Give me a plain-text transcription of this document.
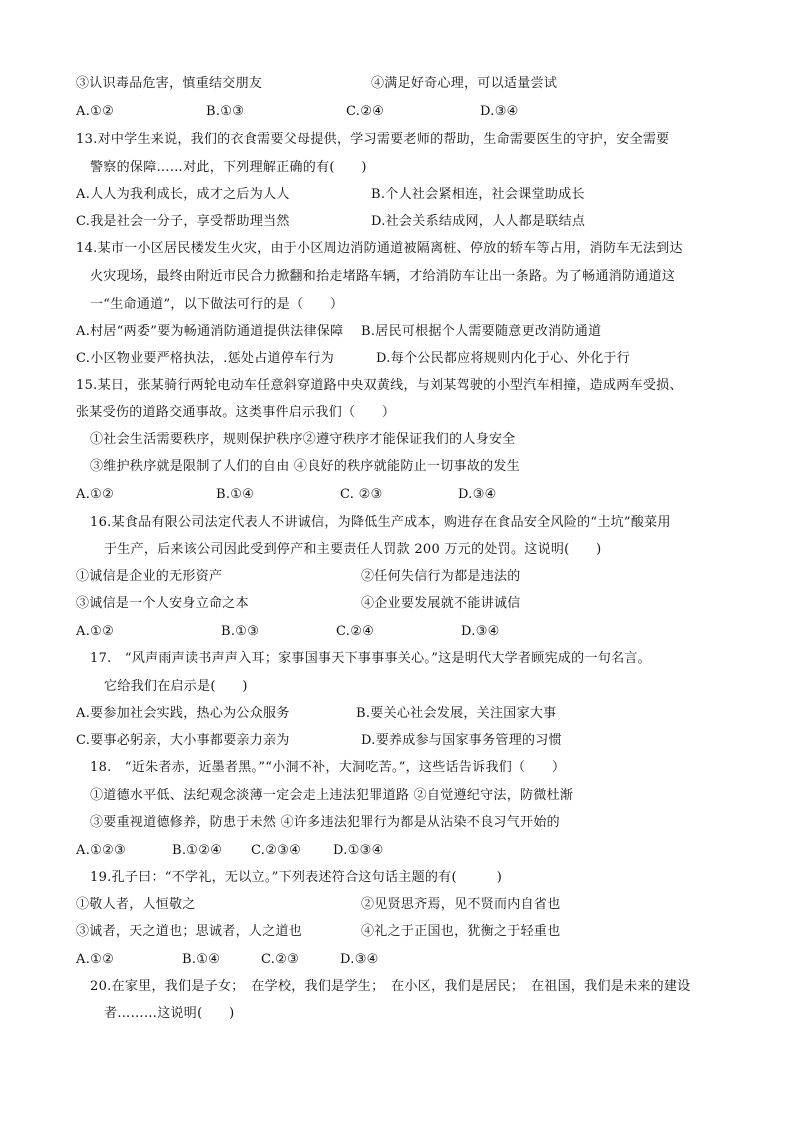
③认识毒品危害，慎重结交朋友	④满足好奇心理，可以适量尝试
A.①②	B.①③	C.②④	D.③④
13.对中学生来说，我们的衣食需要父母提供，学习需要老师的帮助，生命需要医生的守护，安全需要
警察的保障……对此，下列理解正确的有(　　)
A.人人为我利成长，成才之后为人人	B.个人社会紧相连，社会课堂助成长
C.我是社会一分子，享受帮助理当然	D.社会关系结成网，人人都是联结点
14.某市一小区居民楼发生火灾，由于小区周边消防通道被隔离桩、停放的轿车等占用，消防车无法到达
火灾现场，最终由附近市民合力掀翻和抬走堵路车辆，才给消防车让出一条路。为了畅通消防通道这
一“生命通道”，以下做法可行的是（　　）
A.村居“两委”要为畅通消防通道提供法律保障 B.居民可根据个人需要随意更改消防通道
C.小区物业要严格执法，.惩处占道停车行为	D.每个公民都应将规则内化于心、外化于行
15.某日，张某骑行两轮电动车任意斜穿道路中央双黄线，与刘某驾驶的小型汽车相撞，造成两车受损、
张某受伤的道路交通事故。这类事件启示我们（　　）
①社会生活需要秩序，规则保护秩序②遵守秩序才能保证我们的人身安全
③维护秩序就是限制了人们的自由 ④良好的秩序就能防止一切事故的发生
A.①②	B.①④	C. ②③	D.③④
16.某食品有限公司法定代表人不讲诚信，为降低生产成本，购进存在食品安全风险的“土坑”酸菜用
于生产，后来该公司因此受到停产和主要责任人罚款 200 万元的处罚。这说明(　　)
①诚信是企业的无形资产	②任何失信行为都是违法的
③诚信是一个人安身立命之本	④企业要发展就不能讲诚信
A.①②	B.①③	C.②④	D.③④
17.　“风声雨声读书声声入耳；家事国事天下事事事关心。”这是明代大学者顾宪成的一句名言。
它给我们在启示是(　　)
A.要参加社会实践，热心为公众服务	B.要关心社会发展，关注国家大事
C.要事必躬亲，大小事都要亲力亲为	D.要养成参与国家事务管理的习惯
18.　“近朱者赤，近墨者黑。”“小洞不补，大洞吃苦。”，这些话告诉我们（　　）
①道德水平低、法纪观念淡薄一定会走上违法犯罪道路 ②自觉遵纪守法，防微杜渐
③要重视道德修养，防患于未然 ④许多违法犯罪行为都是从沾染不良习气开始的
A.①②③	B.①②④ C.②③④ D.①③④
19.孔子曰：“不学礼，无以立。”下列表述符合这句话主题的有(　　　)
①敬人者，人恒敬之	②见贤思齐焉，见不贤而内自省也
③诚者，天之道也；思诚者，人之道也	④礼之于正国也，犹衡之于轻重也
A.①②	B.①④	C.②③	D.③④
20.在家里，我们是子女；　在学校，我们是学生；　在小区，我们是居民；　在祖国，我们是未来的建设
者………这说明(　　)
